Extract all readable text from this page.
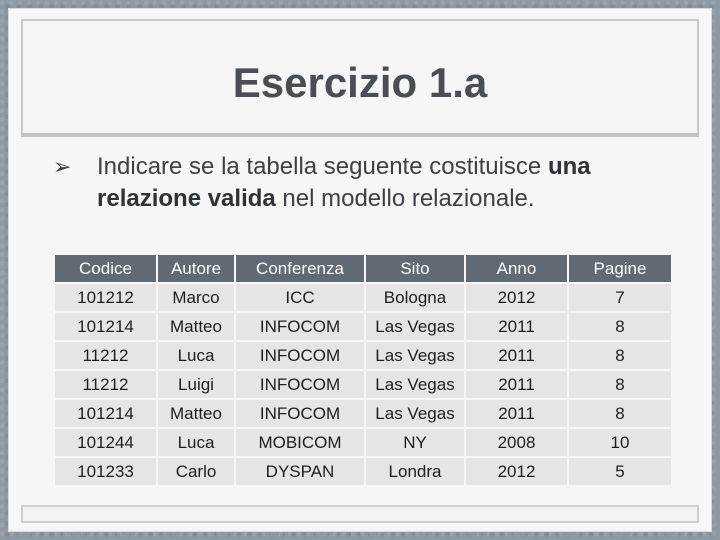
Esercizio 1.a
➢ Indicare se la tabella seguente costituisce una relazione valida nel modello relazionale.
Codice	Autore	Conferenza	Sito	Anno	Pagine
101212	Marco	ICC	Bologna	2012	7
101214	Matteo	INFOCOM	Las Vegas	2011	8
11212	Luca	INFOCOM	Las Vegas	2011	8
11212	Luigi	INFOCOM	Las Vegas	2011	8
101214	Matteo	INFOCOM	Las Vegas	2011	8
101244	Luca	MOBICOM	NY	2008	10
101233	Carlo	DYSPAN	Londra	2012	5
